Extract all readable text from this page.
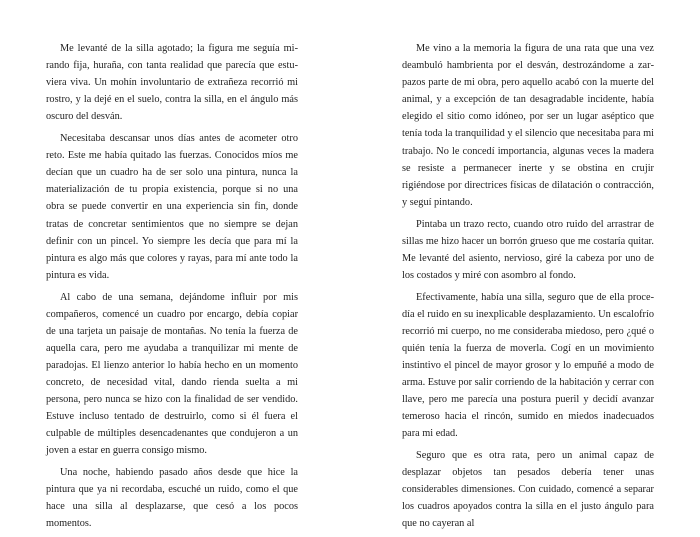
Me levanté de la silla agotado; la figura me seguía mirando fija, huraña, con tanta realidad que parecía que estuviera viva. Un mohín involuntario de extrañeza recorrió mi rostro, y la dejé en el suelo, contra la silla, en el ángulo más oscuro del desván.

Necesitaba descansar unos días antes de acometer otro reto. Este me había quitado las fuerzas. Conocidos míos me decían que un cuadro ha de ser solo una pintura, nunca la materialización de tu propia existencia, porque si no una obra se puede convertir en una experiencia sin fin, donde tratas de concretar sentimientos que no siempre se dejan definir con un pincel. Yo siempre les decía que para mí la pintura es algo más que colores y rayas, para mí ante todo la pintura es vida.

Al cabo de una semana, dejándome influir por mis compañeros, comencé un cuadro por encargo, debía copiar de una tarjeta un paisaje de montañas. No tenía la fuerza de aquella cara, pero me ayudaba a tranquilizar mi mente de paradojas. El lienzo anterior lo había hecho en un momento concreto, de necesidad vital, dando rienda suelta a mi persona, pero nunca se hizo con la finalidad de ser vendido. Estuve incluso tentado de destruirlo, como si él fuera el culpable de múltiples desencadenantes que condujeron a un joven a estar en guerra consigo mismo.

Una noche, habiendo pasado años desde que hice la pintura que ya ni recordaba, escuché un ruido, como el que hace una silla al desplazarse, que cesó a los pocos momentos.

Me vino a la memoria la figura de una rata que una vez deambuló hambrienta por el desván, destrozándome a zarpazos parte de mi obra, pero aquello acabó con la muerte del animal, y a excepción de tan desagradable incidente, había elegido el sitio como idóneo, por ser un lugar aséptico que tenía toda la tranquilidad y el silencio que necesitaba para mi trabajo. No le concedí importancia, algunas veces la madera se resiste a permanecer inerte y se obstina en crujir rigiéndose por directrices físicas de dilatación o contracción, y seguí pintando.

Pintaba un trazo recto, cuando otro ruido del arrastrar de sillas me hizo hacer un borrón grueso que me costaría quitar. Me levanté del asiento, nervioso, giré la cabeza por uno de los costados y miré con asombro al fondo.

Efectivamente, había una silla, seguro que de ella procedía el ruido en su inexplicable desplazamiento. Un escalofrío recorrió mi cuerpo, no me consideraba miedoso, pero ¿qué o quién tenía la fuerza de moverla. Cogí en un movimiento instintivo el pincel de mayor grosor y lo empuñé a modo de arma. Estuve por salir corriendo de la habitación y cerrar con llave, pero me parecía una postura pueril y decidí avanzar temeroso hacia el rincón, sumido en miedos inadecuados para mi edad.

Seguro que es otra rata, pero un animal capaz de desplazar objetos tan pesados debería tener unas considerables dimensiones. Con cuidado, comencé a separar los cuadros apoyados contra la silla en el justo ángulo para que no cayeran al
